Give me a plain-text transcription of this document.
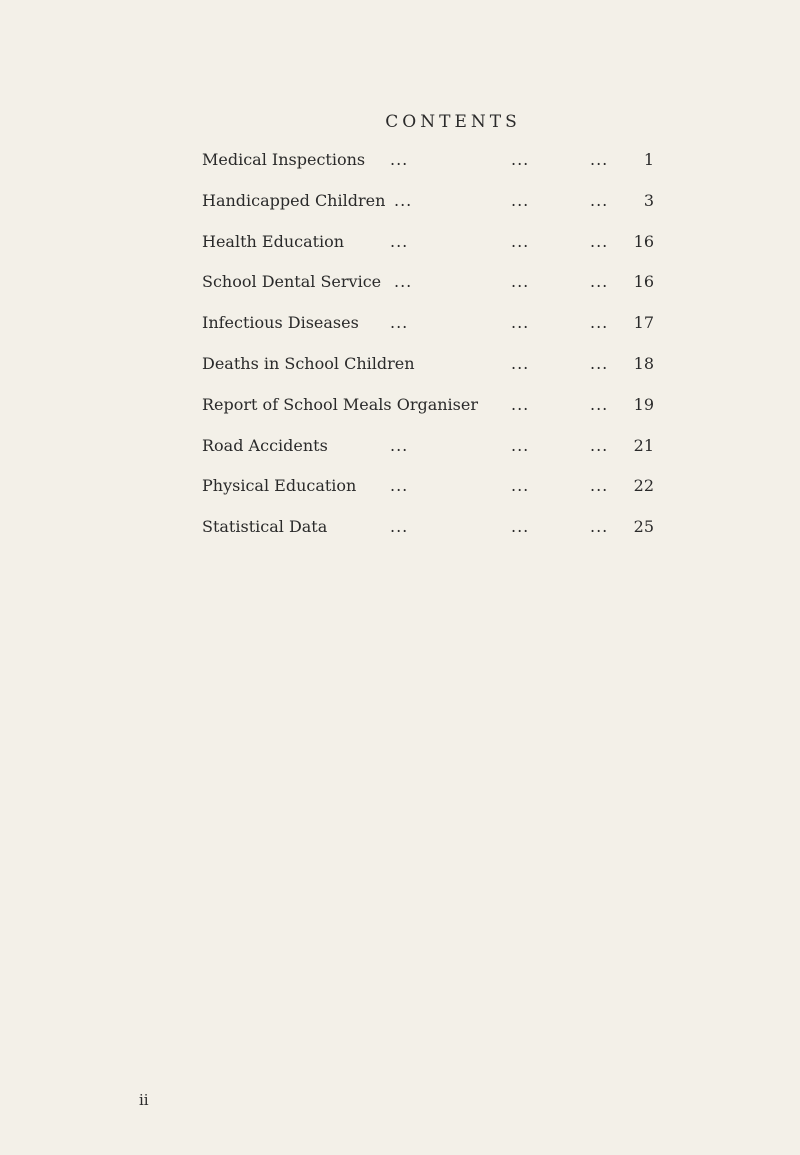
CONTENTS
Medical Inspections ...	...	... 1
Handicapped Children ...	...	... 3
Health Education	...	...	... 16
School Dental Service ...	...	... 16
Infectious Diseases ...	...	... 17
Deaths in School Children	...	... 18
Report of School Meals Organiser ...	... 19
Road Accidents	...	...	... 21
Physical Education ...	...	... 22
Statistical Data	...	...	... 25
ii
